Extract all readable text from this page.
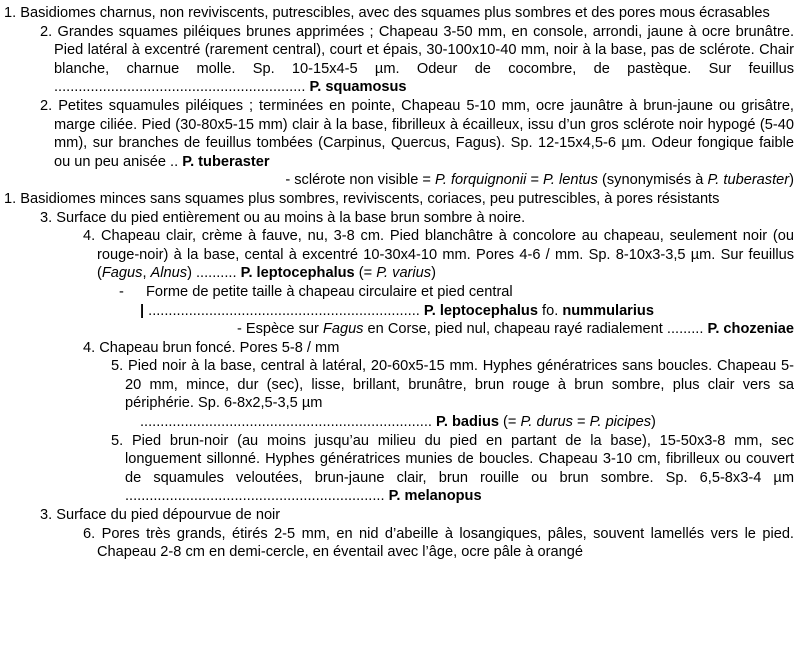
1. Basidiomes charnus, non reviviscents, putrescibles, avec des squames plus sombres et des pores mous écrasables
2. Grandes squames piléiques brunes apprimées ; Chapeau 3-50 mm, en console, arrondi, jaune à ocre brunâtre. Pied latéral à excentré (rarement central), court et épais, 30-100x10-40 mm, noir à la base, pas de sclérote. Chair blanche, charnue molle. Sp. 10-15x4-5 µm. Odeur de cocombre, de pastèque. Sur feuillus .............................................................. P. squamosus
2. Petites squamules piléiques ; terminées en pointe, Chapeau 5-10 mm, ocre jaunâtre à brun-jaune ou grisâtre, marge ciliée. Pied (30-80x5-15 mm) clair à la base, fibrilleux à écailleux, issu d’un gros sclérote noir hypogé (5-40 mm), sur branches de feuillus tombées (Carpinus, Quercus, Fagus). Sp. 12-15x4,5-6 µm. Odeur fongique faible ou un peu anisée .. P. tuberaster
- sclérote non visible = P. forquignonii = P. lentus (synonymisés à P. tuberaster)
1. Basidiomes minces sans squames plus sombres, reviviscents, coriaces, peu putrescibles, à pores résistants
3. Surface du pied entièrement ou au moins à la base brun sombre à noire.
4. Chapeau clair, crème à fauve, nu, 3-8 cm. Pied blanchâtre à concolore au chapeau, seulement noir (ou rouge-noir) à la base, cental à excentré 10-30x4-10 mm. Pores 4-6 / mm. Sp. 8-10x3-3,5 µm. Sur feuillus (Fagus, Alnus) .......... P. leptocephalus (= P. varius)
- Forme de petite taille à chapeau circulaire et pied central
| ................................................................... P. leptocephalus fo. nummularius
- Espèce sur Fagus en Corse, pied nul, chapeau rayé radialement ......... P. chozeniae
4. Chapeau brun foncé. Pores 5-8 / mm
5. Pied noir à la base, central à latéral, 20-60x5-15 mm. Hyphes génératrices sans boucles. Chapeau 5-20 mm, mince, dur (sec), lisse, brillant, brunâtre, brun rouge à brun sombre, plus clair vers sa périphérie. Sp. 6-8x2,5-3,5 µm
........................................................................ P. badius (= P. durus = P. picipes)
5. Pied brun-noir (au moins jusqu’au milieu du pied en partant de la base), 15-50x3-8 mm, sec longuement sillonné. Hyphes génératrices munies de boucles. Chapeau 3-10 cm, fibrilleux ou couvert de squamules veloutées, brun-jaune clair, brun rouille ou brun sombre. Sp. 6,5-8x3-4 µm ................................................................ P. melanopus
3. Surface du pied dépourvue de noir
6. Pores très grands, étirés 2-5 mm, en nid d’abeille à losangiques, pâles, souvent lamellés vers le pied. Chapeau 2-8 cm en demi-cercle, en éventail avec l’âge, ocre pâle à orangé
